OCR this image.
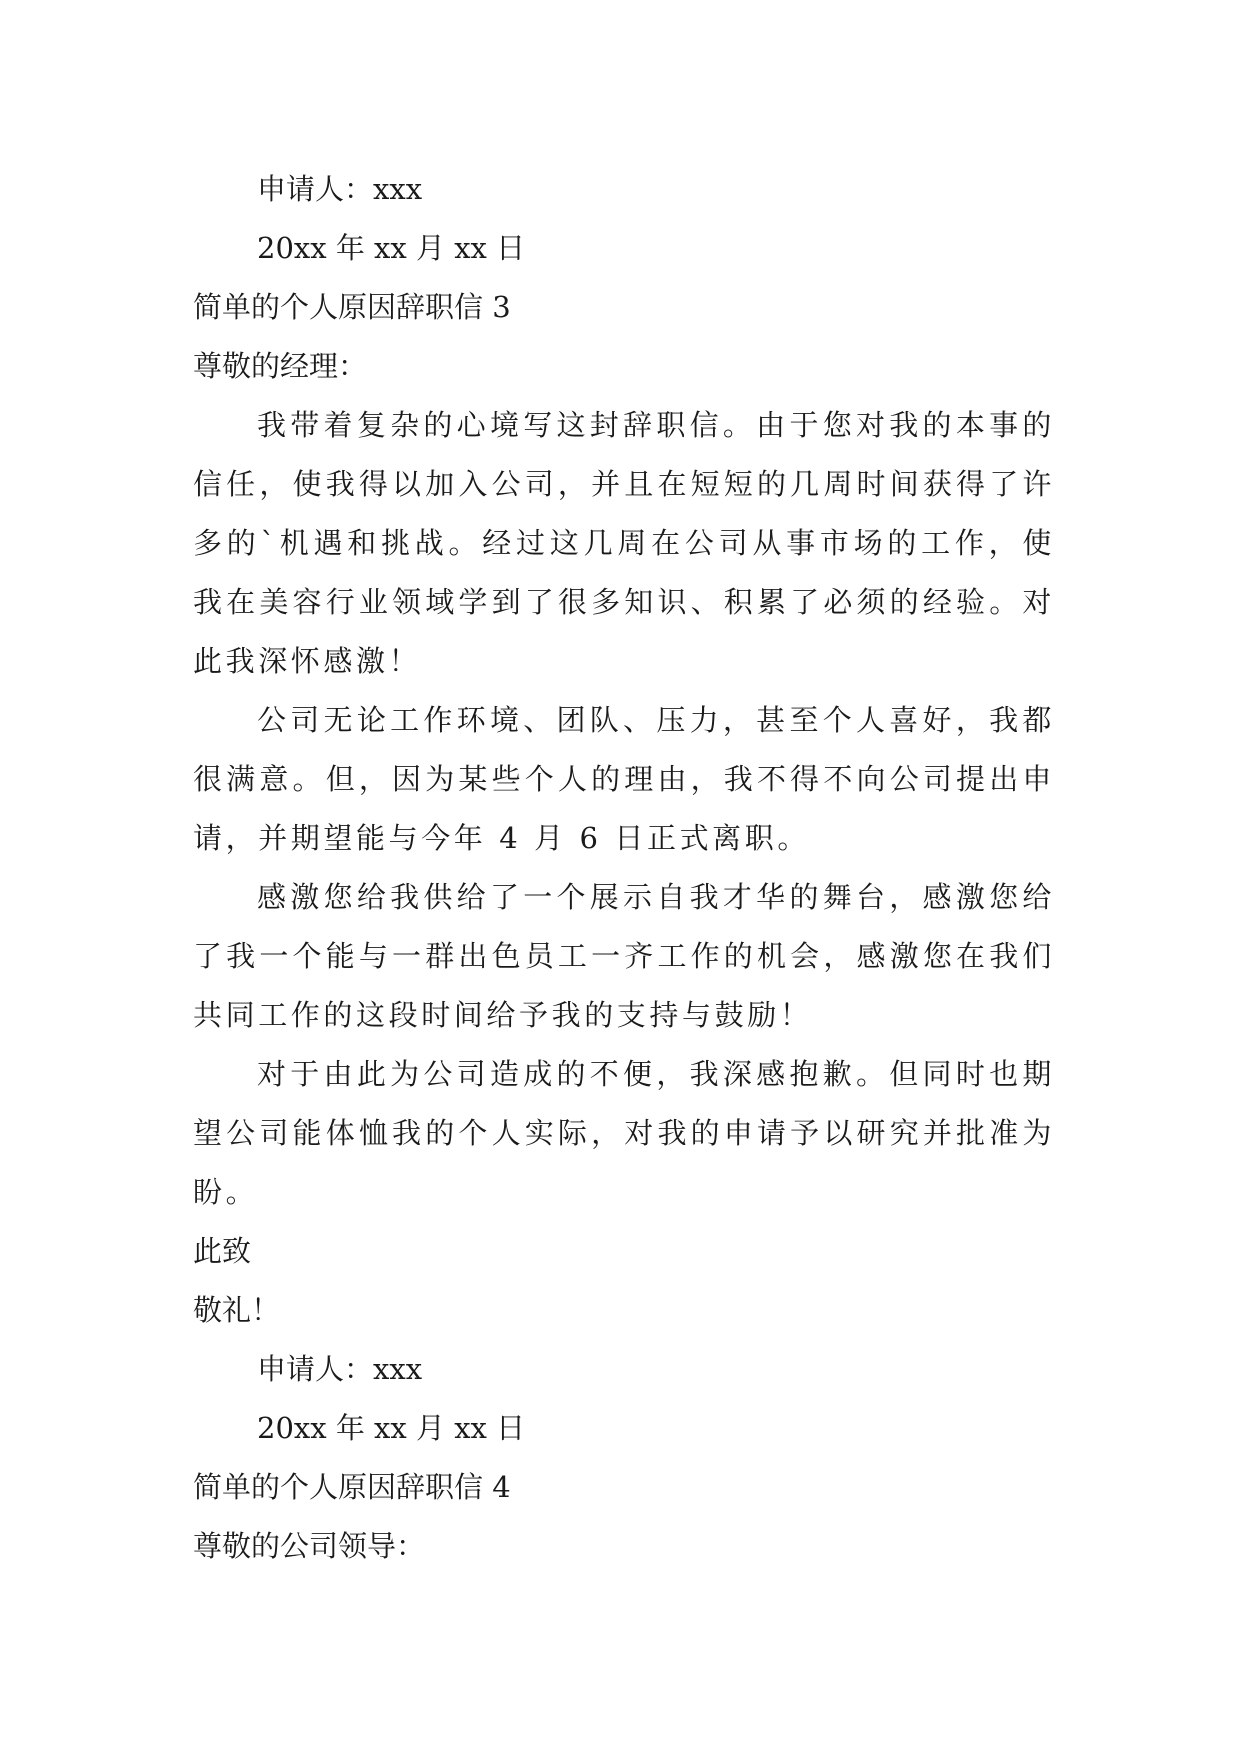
申请人：xxx
20xx 年 xx 月 xx 日
简单的个人原因辞职信 3
尊敬的经理：
我带着复杂的心境写这封辞职信。由于您对我的本事的信任，使我得以加入公司，并且在短短的几周时间获得了许多的`机遇和挑战。经过这几周在公司从事市场的工作，使我在美容行业领域学到了很多知识、积累了必须的经验。对此我深怀感激！
公司无论工作环境、团队、压力，甚至个人喜好，我都很满意。但，因为某些个人的理由，我不得不向公司提出申请，并期望能与今年 4 月 6 日正式离职。
感激您给我供给了一个展示自我才华的舞台，感激您给了我一个能与一群出色员工一齐工作的机会，感激您在我们共同工作的这段时间给予我的支持与鼓励！
对于由此为公司造成的不便，我深感抱歉。但同时也期望公司能体恤我的个人实际，对我的申请予以研究并批准为盼。
此致
敬礼！
申请人：xxx
20xx 年 xx 月 xx 日
简单的个人原因辞职信 4
尊敬的公司领导：
